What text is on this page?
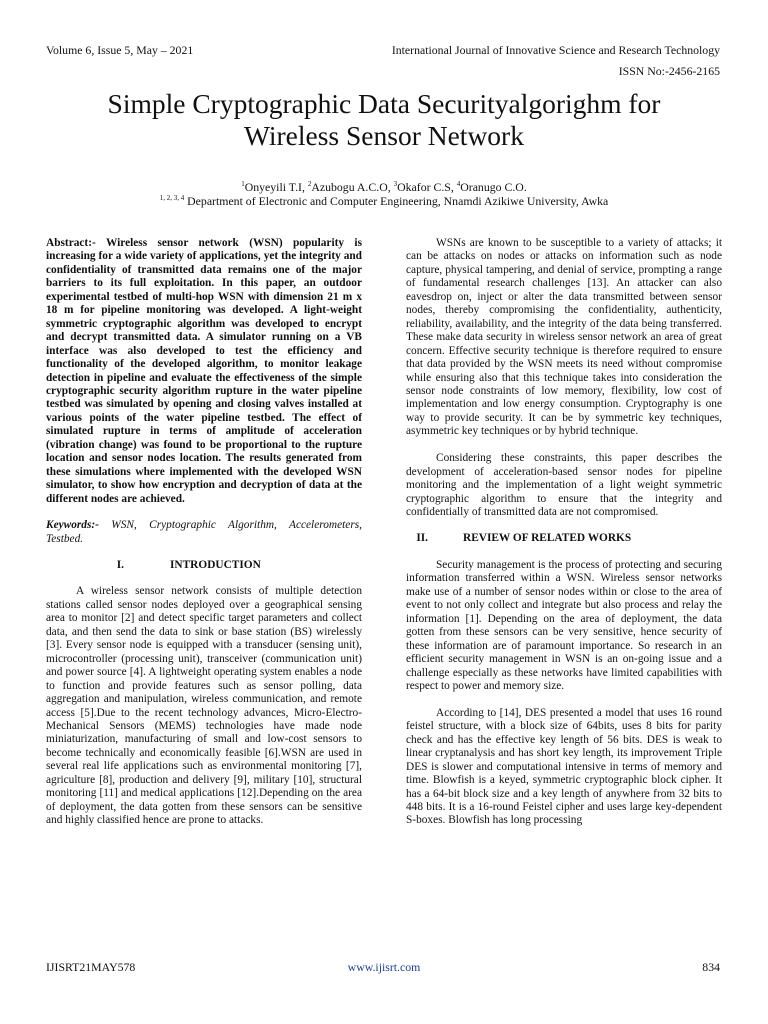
Volume 6, Issue 5, May – 2021	International Journal of Innovative Science and Research Technology
ISSN No:-2456-2165
Simple Cryptographic Data Securityalgorighm for
Wireless Sensor Network
$^1$Onyeyili T.I, $^2$Azubogu A.C.O, $^3$Okafor C.S, $^4$Oranugo C.O.
$^{1, 2, 3, 4}$ Department of Electronic and Computer Engineering, Nnamdi Azikiwe University, Awka

Abstract:- Wireless sensor network (WSN) popularity is increasing for a wide variety of applications, yet the integrity and confidentiality of transmitted data remains one of the major barriers to its full exploitation. In this paper, an outdoor experimental testbed of multi-hop WSN with dimension 21 m x 18 m for pipeline monitoring was developed. A light-weight symmetric cryptographic algorithm was developed to encrypt and decrypt transmitted data. A simulator running on a VB interface was also developed to test the efficiency and functionality of the developed algorithm, to monitor leakage detection in pipeline and evaluate the effectiveness of the simple cryptographic security algorithm rupture in the water pipeline testbed was simulated by opening and closing valves installed at various points of the water pipeline testbed. The effect of simulated rupture in terms of amplitude of acceleration (vibration change) was found to be proportional to the rupture location and sensor nodes location. The results generated from these simulations where implemented with the developed WSN simulator, to show how encryption and decryption of data at the different nodes are achieved.

Keywords:- WSN, Cryptographic Algorithm, Accelerometers, Testbed.

I.	INTRODUCTION

A wireless sensor network consists of multiple detection stations called sensor nodes deployed over a geographical sensing area to monitor [2] and detect specific target parameters and collect data, and then send the data to sink or base station (BS) wirelessly [3]. Every sensor node is equipped with a transducer (sensing unit), microcontroller (processing unit), transceiver (communication unit) and power source [4]. A lightweight operating system enables a node to function and provide features such as sensor polling, data aggregation and manipulation, wireless communication, and remote access [5].Due to the recent technology advances, Micro-Electro-Mechanical Sensors (MEMS) technologies have made node miniaturization, manufacturing of small and low-cost sensors to become technically and economically feasible [6].WSN are used in several real life applications such as environmental monitoring [7], agriculture [8], production and delivery [9], military [10], structural monitoring [11] and medical applications [12].Depending on the area of deployment, the data gotten from these sensors can be sensitive and highly classified hence are prone to attacks.

WSNs are known to be susceptible to a variety of attacks; it can be attacks on nodes or attacks on information such as node capture, physical tampering, and denial of service, prompting a range of fundamental research challenges [13]. An attacker can also eavesdrop on, inject or alter the data transmitted between sensor nodes, thereby compromising the confidentiality, authenticity, reliability, availability, and the integrity of the data being transferred. These make data security in wireless sensor network an area of great concern. Effective security technique is therefore required to ensure that data provided by the WSN meets its need without compromise while ensuring also that this technique takes into consideration the sensor node constraints of low memory, flexibility, low cost of implementation and low energy consumption. Cryptography is one way to provide security. It can be by symmetric key techniques, asymmetric key techniques or by hybrid technique.

Considering these constraints, this paper describes the development of acceleration-based sensor nodes for pipeline monitoring and the implementation of a light weight symmetric cryptographic algorithm to ensure that the integrity and confidentially of transmitted data are not compromised.

II.	REVIEW OF RELATED WORKS

Security management is the process of protecting and securing information transferred within a WSN. Wireless sensor networks make use of a number of sensor nodes within or close to the area of event to not only collect and integrate but also process and relay the information [1]. Depending on the area of deployment, the data gotten from these sensors can be very sensitive, hence security of these information are of paramount importance. So research in an efficient security management in WSN is an on-going issue and a challenge especially as these networks have limited capabilities with respect to power and memory size.

According to [14], DES presented a model that uses 16 round feistel structure, with a block size of 64bits, uses 8 bits for parity check and has the effective key length of 56 bits. DES is weak to linear cryptanalysis and has short key length, its improvement Triple DES is slower and computational intensive in terms of memory and time. Blowfish is a keyed, symmetric cryptographic block cipher. It has a 64-bit block size and a key length of anywhere from 32 bits to 448 bits. It is a 16-round Feistel cipher and uses large key-dependent S-boxes. Blowfish has long processing

IJISRT21MAY578	www.ijisrt.com	834
